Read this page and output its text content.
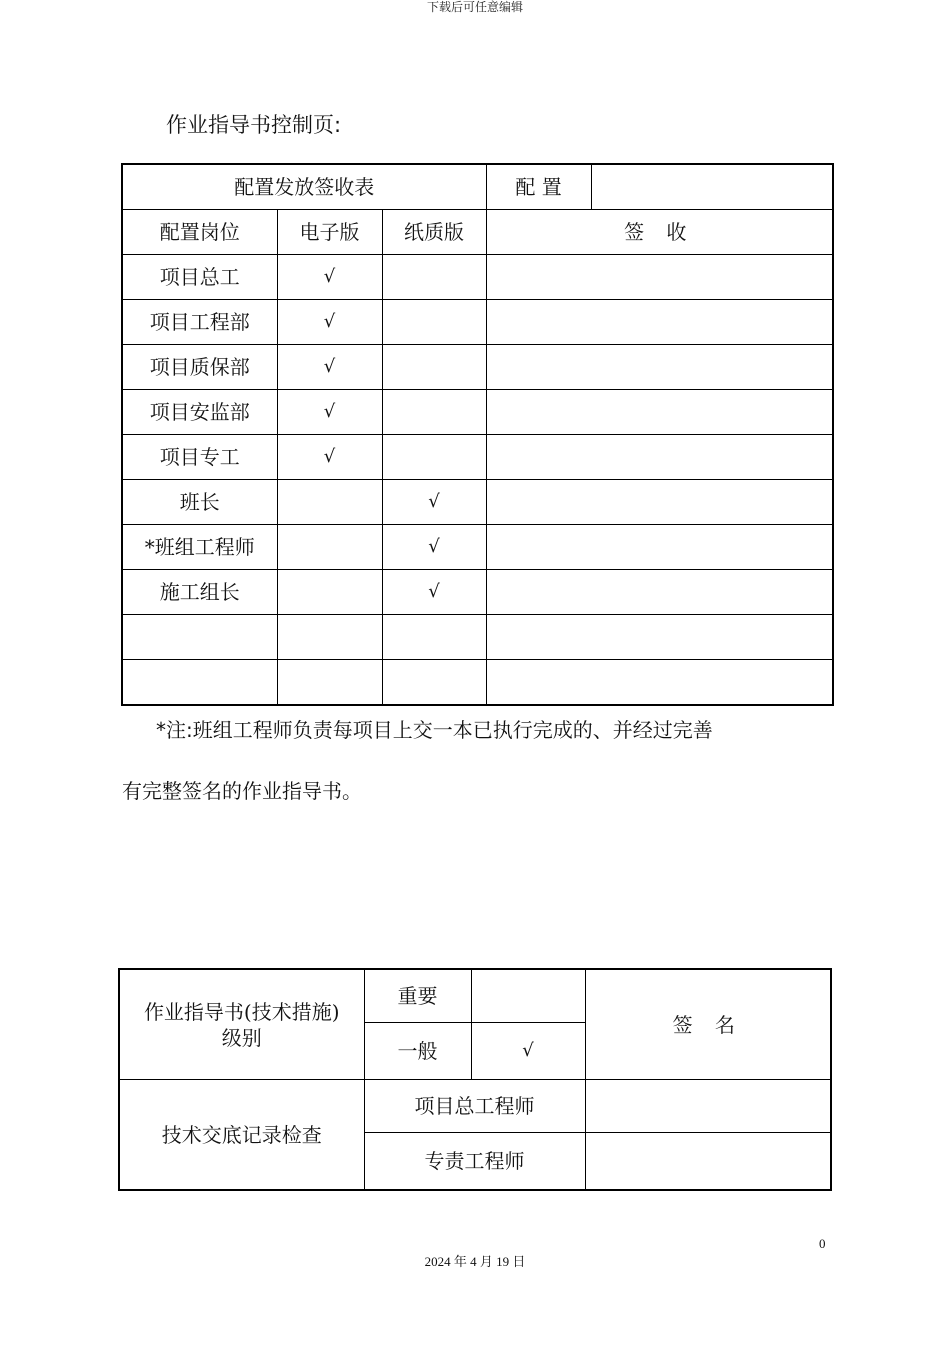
下载后可任意编辑
作业指导书控制页:
配置发放签收表			配 置	
配置岗位	电子版	纸质版	签 收	
项目总工	√			
项目工程部	√			
项目质保部	√			
项目安监部	√			
项目专工	√			
班长		√		
*班组工程师		√		
施工组长		√		

*注:班组工程师负责每项目上交一本已执行完成的、并经过完善
有完整签名的作业指导书。
作业指导书(技术措施)级别	重要		签 名
	一般	√	
技术交底记录检查	项目总工程师		
	专责工程师		
0
2024 年 4 月 19 日
